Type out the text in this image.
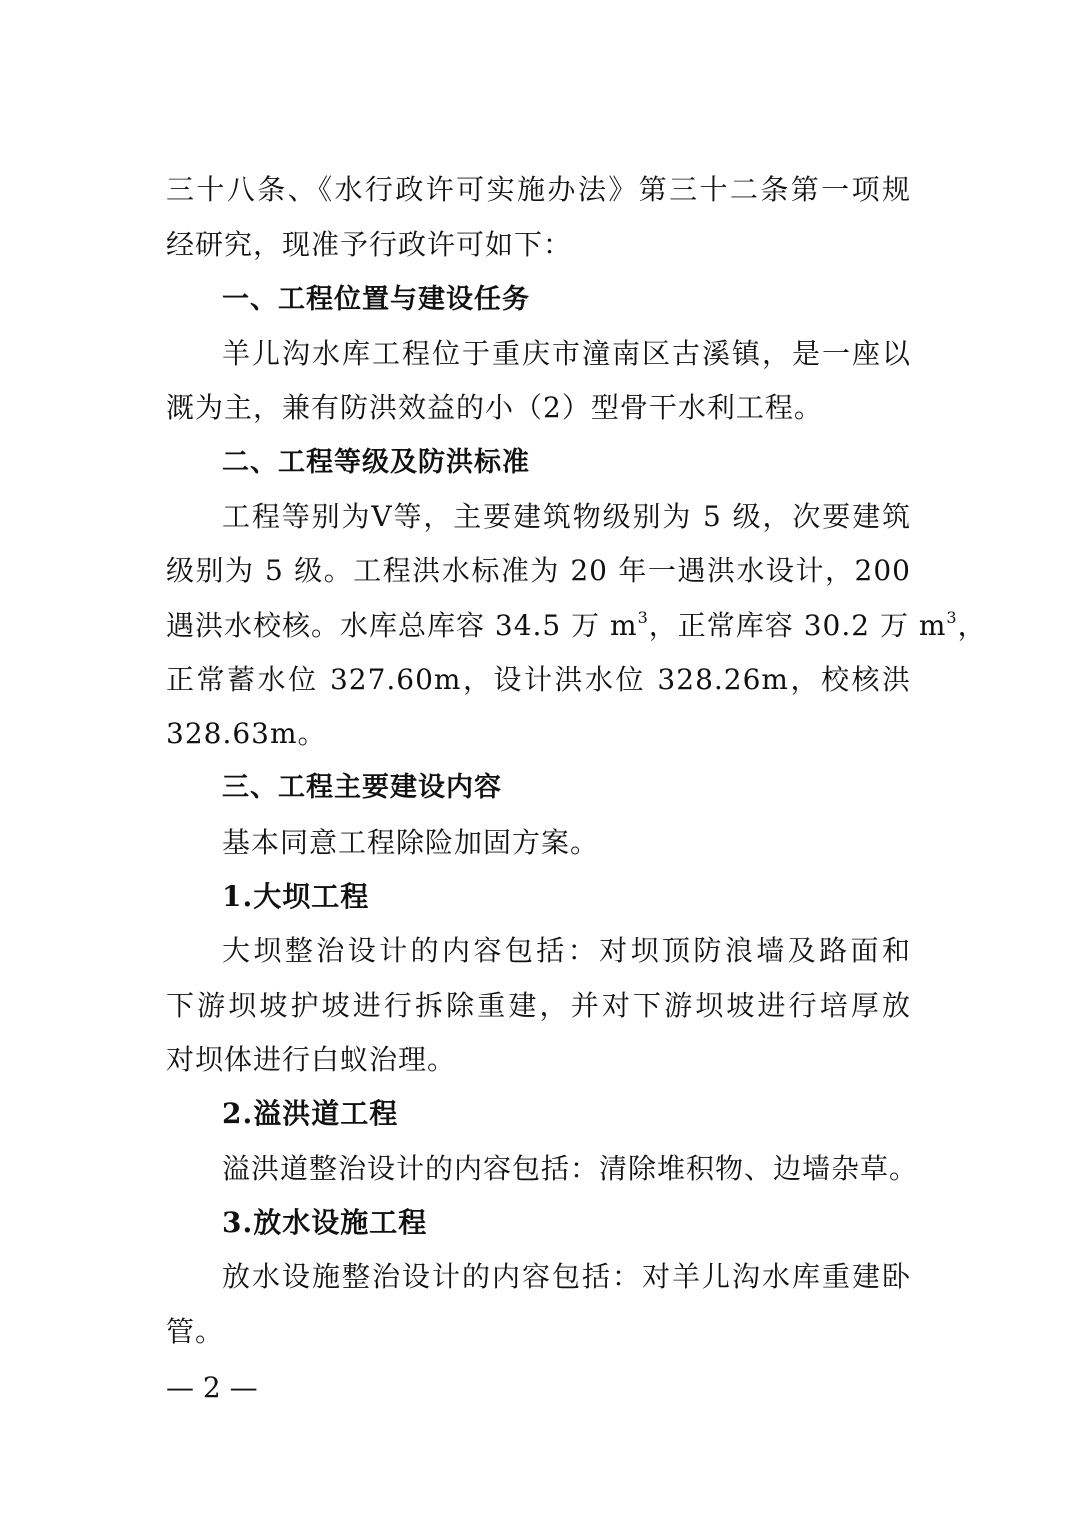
三十八条、《水行政许可实施办法》第三十二条第一项规
经研究，现准予行政许可如下：
一、工程位置与建设任务
羊儿沟水库工程位于重庆市潼南区古溪镇，是一座以
溉为主，兼有防洪效益的小（2）型骨干水利工程。
二、工程等级及防洪标准
工程等别为Ⅴ等，主要建筑物级别为 5 级，次要建筑
级别为 5 级。工程洪水标准为 20 年一遇洪水设计，200
遇洪水校核。水库总库容 34.5 万 $m^3$，正常库容 30.2 万 $m^3$，
正常蓄水位 327.60m，设计洪水位 328.26m，校核洪
328.63m。
三、工程主要建设内容
基本同意工程除险加固方案。
1.大坝工程
大坝整治设计的内容包括：对坝顶防浪墙及路面和
下游坝坡护坡进行拆除重建，并对下游坝坡进行培厚放
对坝体进行白蚁治理。
2.溢洪道工程
溢洪道整治设计的内容包括：清除堆积物、边墙杂草。
3.放水设施工程
放水设施整治设计的内容包括：对羊儿沟水库重建卧
管。
— 2 —
